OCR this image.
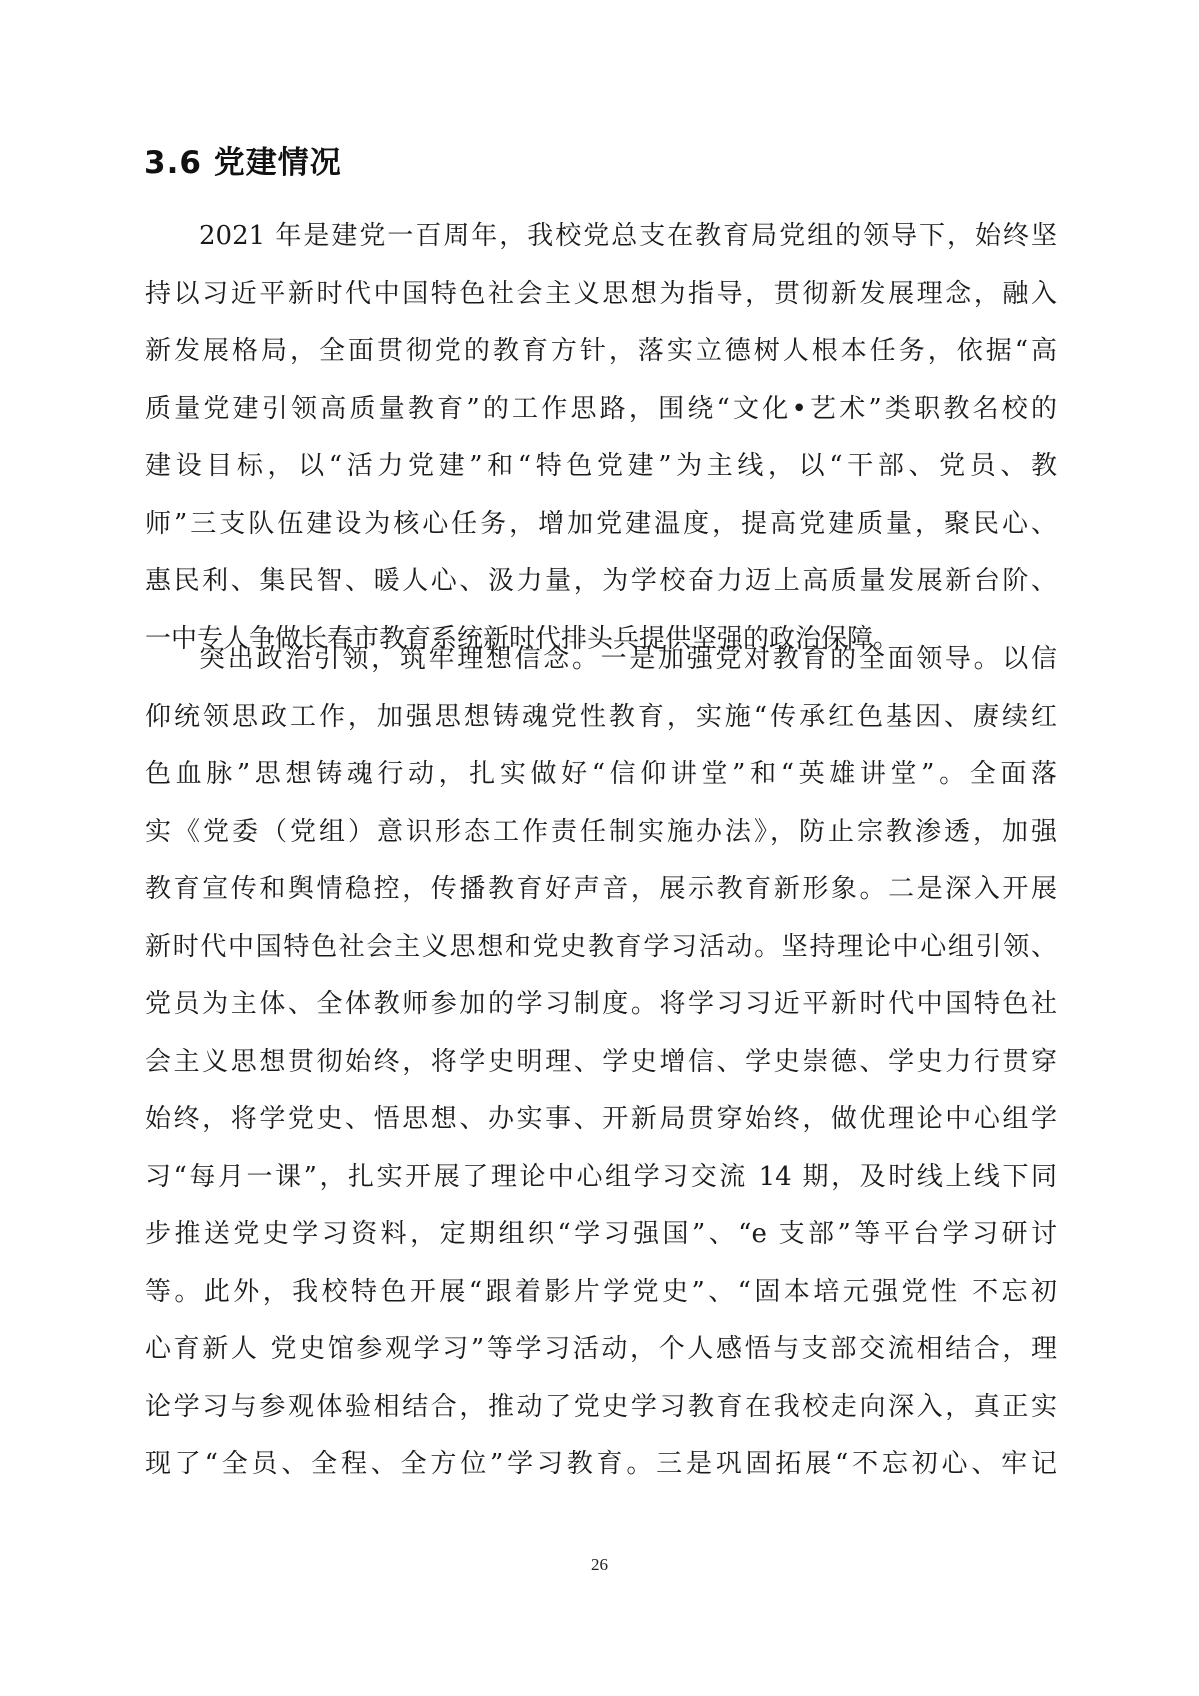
3.6 党建情况
2021 年是建党一百周年，我校党总支在教育局党组的领导下，始终坚
持以习近平新时代中国特色社会主义思想为指导，贯彻新发展理念，融入
新发展格局，全面贯彻党的教育方针，落实立德树人根本任务，依据“高
质量党建引领高质量教育”的工作思路，围绕“文化•艺术”类职教名校的
建设目标，以“活力党建”和“特色党建”为主线，以“干部、党员、教
师”三支队伍建设为核心任务，增加党建温度，提高党建质量，聚民心、
惠民利、集民智、暖人心、汲力量，为学校奋力迈上高质量发展新台阶、
一中专人争做长春市教育系统新时代排头兵提供坚强的政治保障。
突出政治引领，筑牢理想信念。一是加强党对教育的全面领导。以信
仰统领思政工作，加强思想铸魂党性教育，实施“传承红色基因、赓续红
色血脉”思想铸魂行动，扎实做好“信仰讲堂”和“英雄讲堂”。全面落
实《党委（党组）意识形态工作责任制实施办法》，防止宗教渗透，加强
教育宣传和舆情稳控，传播教育好声音，展示教育新形象。二是深入开展
新时代中国特色社会主义思想和党史教育学习活动。坚持理论中心组引领、
党员为主体、全体教师参加的学习制度。将学习习近平新时代中国特色社
会主义思想贯彻始终，将学史明理、学史增信、学史崇德、学史力行贯穿
始终，将学党史、悟思想、办实事、开新局贯穿始终，做优理论中心组学
习“每月一课”，扎实开展了理论中心组学习交流 14 期，及时线上线下同
步推送党史学习资料，定期组织“学习强国”、“e 支部”等平台学习研讨
等。此外，我校特色开展“跟着影片学党史”、“固本培元强党性 不忘初
心育新人 党史馆参观学习”等学习活动，个人感悟与支部交流相结合，理
论学习与参观体验相结合，推动了党史学习教育在我校走向深入，真正实
现了“全员、全程、全方位”学习教育。三是巩固拓展“不忘初心、牢记
26
